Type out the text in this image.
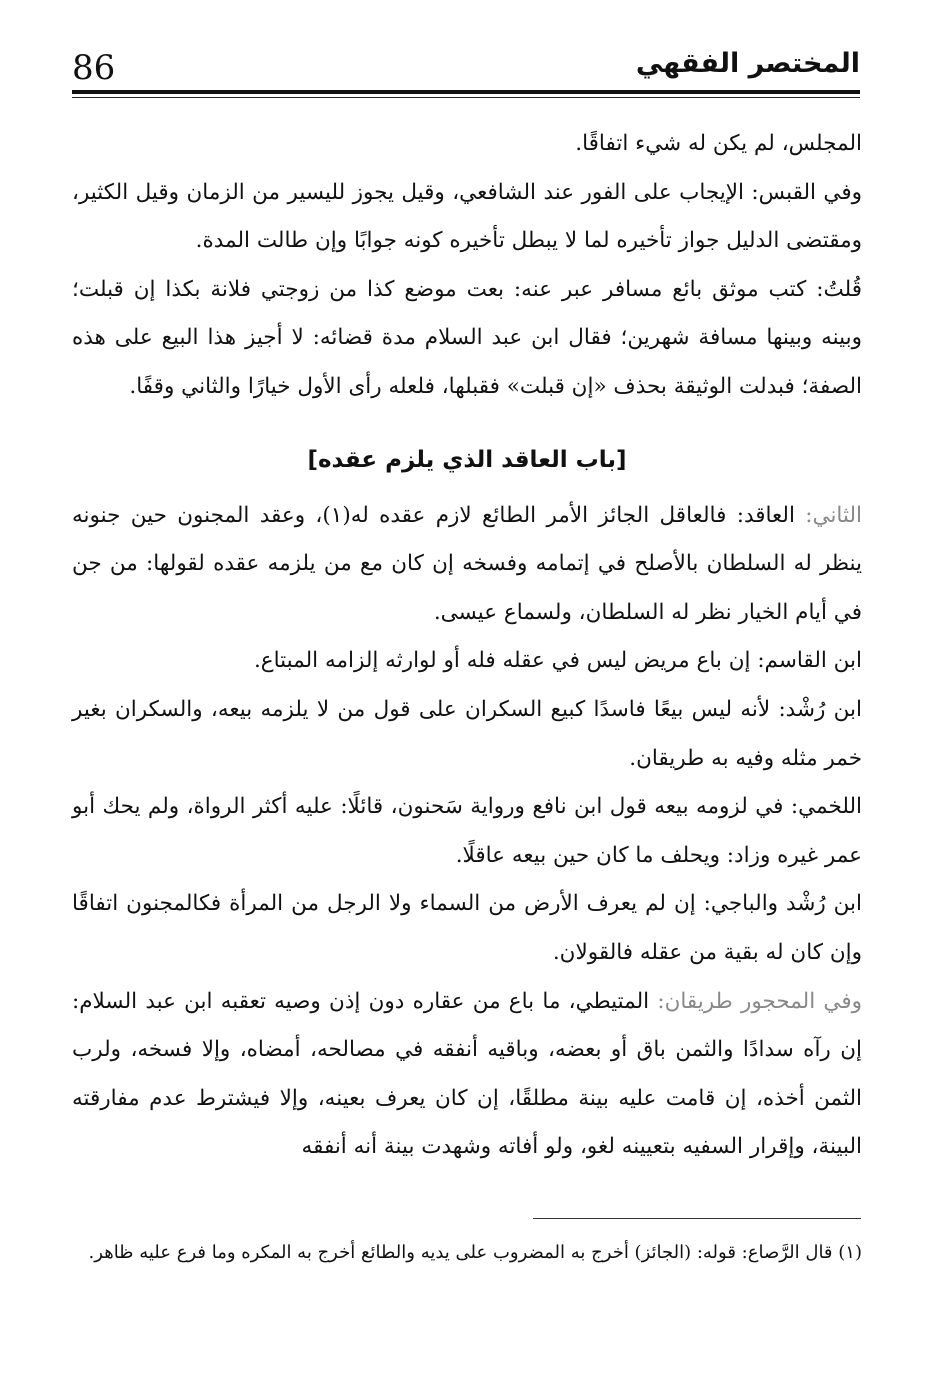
86	المختصر الفقهي

المجلس، لم يكن له شيء اتفاقًا.

وفي القبس: الإيجاب على الفور عند الشافعي، وقيل يجوز لليسير من الزمان وقيل الكثير، ومقتضى الدليل جواز تأخيره لما لا يبطل تأخيره كونه جوابًا وإن طالت المدة.

قُلتُ: كتب موثق بائع مسافر عبر عنه: بعت موضع كذا من زوجتي فلانة بكذا إن قبلت؛ وبينه وبينها مسافة شهرين؛ فقال ابن عبد السلام مدة قضائه: لا أجيز هذا البيع على هذه الصفة؛ فبدلت الوثيقة بحذف «إن قبلت» فقبلها، فلعله رأى الأول خيارًا والثاني وقفًا.

[باب العاقد الذي يلزم عقده]

الثاني: العاقد: فالعاقل الجائز الأمر الطائع لازم عقده له(١)، وعقد المجنون حين جنونه ينظر له السلطان بالأصلح في إتمامه وفسخه إن كان مع من يلزمه عقده لقولها: من جن في أيام الخيار نظر له السلطان، ولسماع عيسى.

ابن القاسم: إن باع مريض ليس في عقله فله أو لوارثه إلزامه المبتاع.

ابن رُشْد: لأنه ليس بيعًا فاسدًا كبيع السكران على قول من لا يلزمه بيعه، والسكران بغير خمر مثله وفيه به طريقان.

اللخمي: في لزومه بيعه قول ابن نافع ورواية سَحنون، قائلًا: عليه أكثر الرواة، ولم يحك أبو عمر غيره وزاد: ويحلف ما كان حين بيعه عاقلًا.

ابن رُشْد والباجي: إن لم يعرف الأرض من السماء ولا الرجل من المرأة فكالمجنون اتفاقًا وإن كان له بقية من عقله فالقولان.

وفي المحجور طريقان: المتيطي، ما باع من عقاره دون إذن وصيه تعقبه ابن عبد السلام: إن رآه سدادًا والثمن باق أو بعضه، وباقيه أنفقه في مصالحه، أمضاه، وإلا فسخه، ولرب الثمن أخذه، إن قامت عليه بينة مطلقًا، إن كان يعرف بعينه، وإلا فيشترط عدم مفارقته البينة، وإقرار السفيه بتعيينه لغو، ولو أفاته وشهدت بينة أنه أنفقه

(١) قال الرَّصاع: قوله: (الجائز) أخرج به المضروب على يديه والطائع أخرج به المكره وما فرع عليه ظاهر.
